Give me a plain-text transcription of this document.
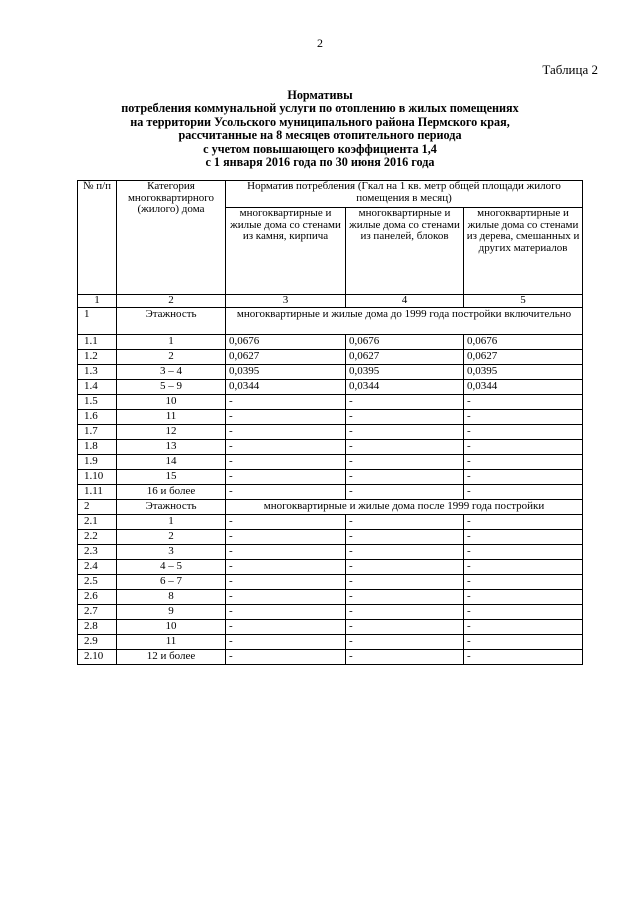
2
Таблица 2
Нормативы
потребления коммунальной услуги по отоплению в жилых помещениях
на территории Усольского муниципального района Пермского края,
рассчитанные на 8 месяцев отопительного периода
с учетом повышающего коэффициента 1,4
с 1 января 2016 года по 30 июня 2016 года
№ п/п	Категория многоквартирного (жилого) дома	Норматив потребления (Гкал на 1 кв. метр общей площади жилого помещения в месяц)		
		многоквартирные и жилые дома со стенами из камня, кирпича	многоквартирные и жилые дома со стенами из панелей, блоков	многоквартирные и жилые дома со стенами из дерева, смешанных и других материалов
1	2	3	4	5
1	Этажность	многоквартирные и жилые дома до 1999 года постройки включительно		
1.1	1	0,0676	0,0676	0,0676
1.2	2	0,0627	0,0627	0,0627
1.3	3 – 4	0,0395	0,0395	0,0395
1.4	5 – 9	0,0344	0,0344	0,0344
1.5	10	-	-	-
1.6	11	-	-	-
1.7	12	-	-	-
1.8	13	-	-	-
1.9	14	-	-	-
1.10	15	-	-	-
1.11	16 и более	-	-	-
2	Этажность	многоквартирные и жилые дома после 1999 года постройки		
2.1	1	-	-	-
2.2	2	-	-	-
2.3	3	-	-	-
2.4	4 – 5	-	-	-
2.5	6 – 7	-	-	-
2.6	8	-	-	-
2.7	9	-	-	-
2.8	10	-	-	-
2.9	11	-	-	-
2.10	12 и более	-	-	-
